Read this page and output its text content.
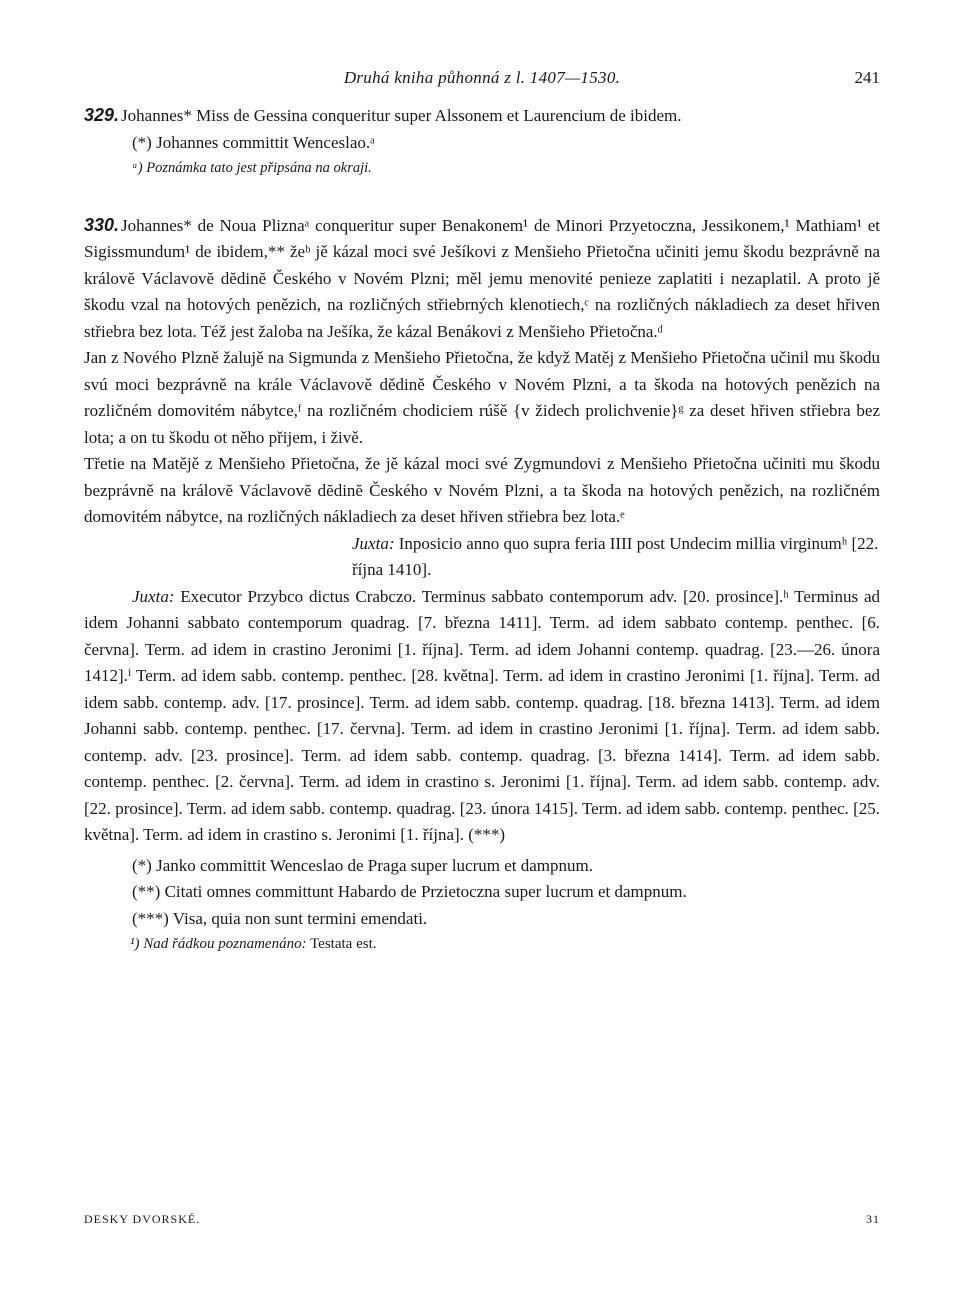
Druhá kniha půhonná z l. 1407—1530.	241

329. Johannes* Miss de Gessina conqueritur super Alssonem et Laurencium de ibidem.

(*) Johannes committit Wenceslao.ᵃ

ᵃ) Poznámka tato jest připsána na okraji.

330. Johannes* de Noua Pliznaᵃ conqueritur super Benakonem¹ de Minori Przyetoczna, Jessikonem,¹ Mathiam¹ et Sigissmundum¹ de ibidem,** žeᵇ jě kázal moci své Ješíkovi z Menšieho Přietočna učiniti jemu škodu bezprávně na královĕ Václavovĕ dĕdinĕ Českého v Novém Plzni; měl jemu menovité penieze zaplatiti i nezaplatil. A proto jě škodu vzal na hotových penězich, na rozličných střiebrných klenotiech,ᶜ na rozličných nákladiech za deset hřiven střiebra bez lota. Též jest žaloba na Ješíka, že kázal Benákovi z Menšieho Přietočna.ᵈ

Jan z Nového Plzně žalujě na Sigmunda z Menšieho Přietočna, že když Matěj z Menšieho Přietočna učinil mu škodu svú moci bezprávně na krále Václavově dědině Českého v Novém Plzni, a ta škoda na hotových penězich na rozličném domovitém nábytce,ᶠ na rozličném chodiciem rúšě {v židech prolichvenie}ᵍ za deset hřiven střiebra bez lota; a on tu škodu ot něho přijem, i živě.

Třetie na Matějě z Menšieho Přietočna, že jě kázal moci své Zygmundovi z Menšieho Přietočna učiniti mu škodu bezprávně na královĕ Václavovĕ dĕdinĕ Českého v Novém Plzni, a ta škoda na hotových penězich, na rozličném domovitém nábytce, na rozličných nákladiech za deset hřiven střiebra bez lota.ᵉ

Juxta: Inposicio anno quo supra feria IIII post Undecim millia virginumʰ [22. října 1410].

Juxta: Executor Przybco dictus Crabczo. Terminus sabbato contemporum adv. [20. prosince].ʰ Terminus ad idem Johanni sabbato contemporum quadrag. [7. března 1411]. Term. ad idem sabbato contemp. penthec. [6. června]. Term. ad idem in crastino Jeronimi [1. října]. Term. ad idem Johanni contemp. quadrag. [23.—26. února 1412].ⁱ Term. ad idem sabb. contemp. penthec. [28. května]. Term. ad idem in crastino Jeronimi [1. října]. Term. ad idem sabb. contemp. adv. [17. prosince]. Term. ad idem sabb. contemp. quadrag. [18. března 1413]. Term. ad idem Johanni sabb. contemp. penthec. [17. června]. Term. ad idem in crastino Jeronimi [1. října]. Term. ad idem sabb. contemp. adv. [23. prosince]. Term. ad idem sabb. contemp. quadrag. [3. března 1414]. Term. ad idem sabb. contemp. penthec. [2. června]. Term. ad idem in crastino s. Jeronimi [1. října]. Term. ad idem sabb. contemp. adv. [22. prosince]. Term. ad idem sabb. contemp. quadrag. [23. února 1415]. Term. ad idem sabb. contemp. penthec. [25. května]. Term. ad idem in crastino s. Jeronimi [1. října]. (***)

(*) Janko committit Wenceslao de Praga super lucrum et dampnum.

(**) Citati omnes committunt Habardo de Przietoczna super lucrum et dampnum.

(***) Visa, quia non sunt termini emendati.

¹) Nad řádkou poznamenáno: Testata est.

DESKY DVORSKÉ.	31
